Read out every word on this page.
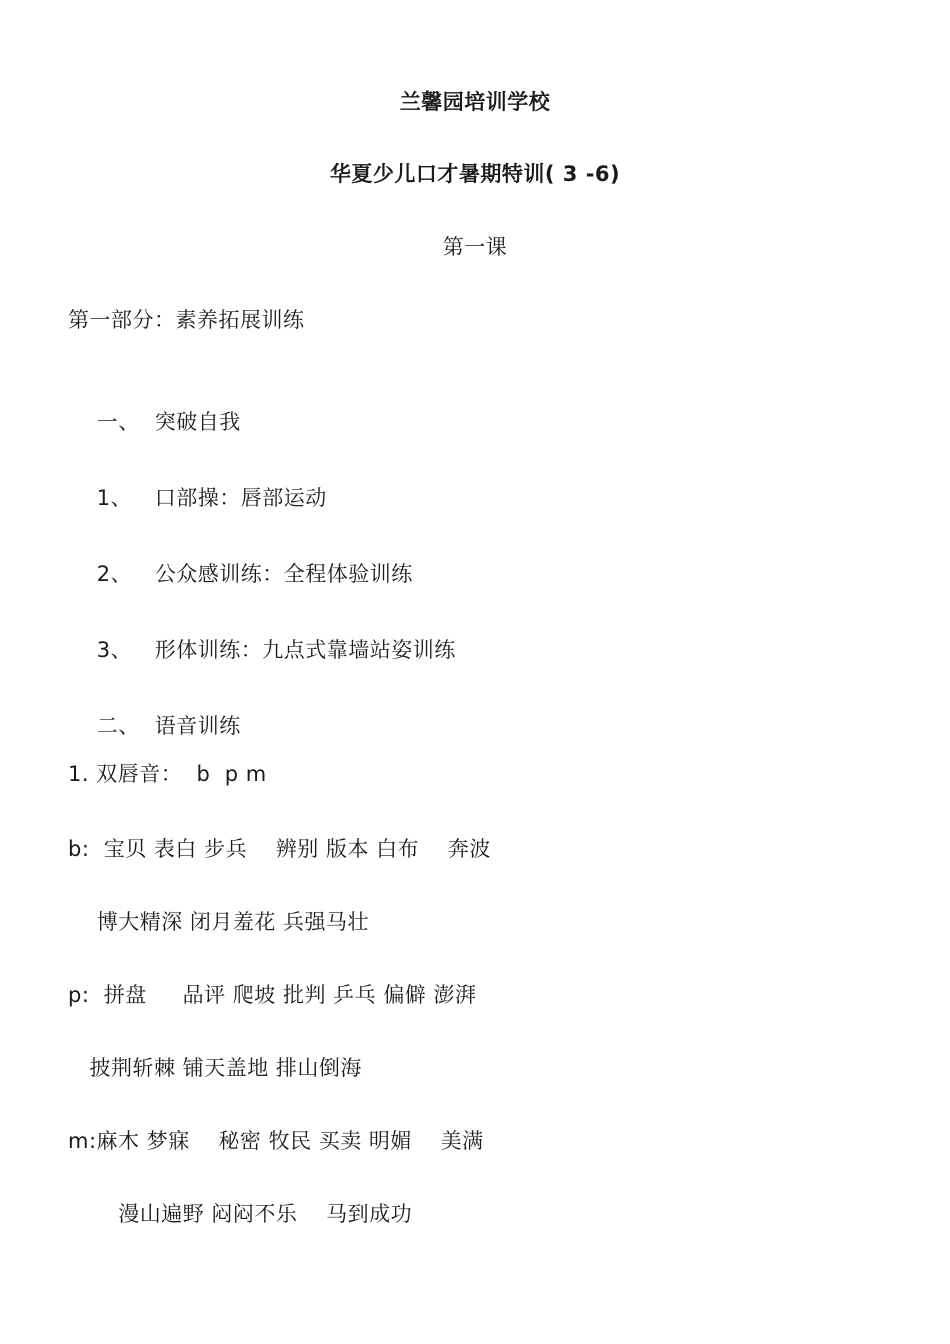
兰馨园培训学校
华夏少儿口才暑期特训( 3 -6)
第一课
第一部分：素养拓展训练

一、 突破自我

1、 口部操：唇部运动

2、 公众感训练：全程体验训练

3、 形体训练：九点式靠墙站姿训练

二、 语音训练

1. 双唇音：  b  p m
b:  宝贝 表白 步兵    辨别 版本 白布    奔波
博大精深 闭月羞花 兵强马壮
p:  拼盘     品评 爬坡 批判 乒乓 偏僻 澎湃
披荆斩棘 铺天盖地 排山倒海
m:麻木 梦寐    秘密 牧民 买卖 明媚    美满
漫山遍野 闷闷不乐    马到成功
